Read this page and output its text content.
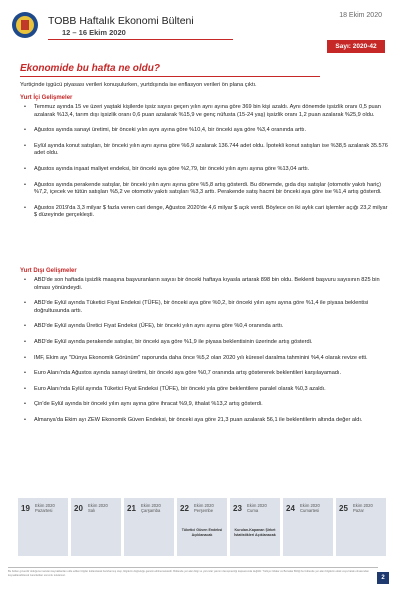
TOBB Haftalık Ekonomi Bülteni
12 – 16 Ekim 2020
18 Ekim 2020
Sayı: 2020-42
Ekonomide bu hafta ne oldu?
Yurtiçinde işgücü piyasası verileri konuşulurken, yurtdışında ise enflasyon verileri ön plana çıktı.
Yurt İçi Gelişmeler
• Temmuz ayında 15 ve üzeri yaştaki kişilerde işsiz sayısı geçen yılın aynı ayına göre 369 bin kişi azaldı. Aynı dönemde işsizlik oranı 0,5 puan azalarak %13,4, tarım dışı işsizlik oranı 0,6 puan azalarak %15,9 ve genç nüfusta (15-24 yaş) işsizlik oranı 1,2 puan azalarak %25,9 oldu.
• Ağustos ayında sanayi üretimi, bir önceki yılın aynı ayına göre %10,4, bir önceki aya göre %3,4 oranında arttı.
• Eylül ayında konut satışları, bir önceki yılın aynı ayına göre %6,9 azalarak 136.744 adet oldu. İpotekli konut satışları ise %38,5 azalarak 35.576 adet oldu.
• Ağustos ayında inşaat maliyet endeksi, bir önceki aya göre %2,79, bir önceki yılın aynı ayına göre %13,04 arttı.
• Ağustos ayında perakende satışlar, bir önceki yılın aynı ayına göre %5,8 artış gösterdi. Bu dönemde, gıda dışı satışlar (otomotiv yakıtı hariç) %7,2, içecek ve tütün satışları %5,2 ve otomotiv yakıtı satışları %3,3 arttı. Perakende satış hacmi bir önceki aya göre ise %1,4 artış gösterdi.
• Ağustos 2019'da 3,3 milyar $ fazla veren cari denge, Ağustos 2020'de 4,6 milyar $ açık verdi. Böylece on iki aylık cari işlemler açığı 23,2 milyar $ düzeyinde gerçekleşti.
Yurt Dışı Gelişmeler
• ABD'de son haftada işsizlik maaşına başvuranların sayısı bir önceki haftaya kıyasla artarak 898 bin oldu. Beklenti başvuru sayısının 825 bin olması yönündeydi.
• ABD'de Eylül ayında Tüketici Fiyat Endeksi (TÜFE), bir önceki aya göre %0,2, bir önceki yılın aynı ayına göre %1,4 ile piyasa beklentisi doğrultusunda arttı.
• ABD'de Eylül ayında Üretici Fiyat Endeksi (ÜFE), bir önceki yılın aynı ayına göre %0,4 oranında arttı.
• ABD'de Eylül ayında perakende satışlar, bir önceki aya göre %1,9 ile piyasa beklentisinin üzerinde artış gösterdi.
• IMF, Ekim ayı "Dünya Ekonomik Görünüm" raporunda daha önce %5,2 olan 2020 yılı küresel daralma tahminini %4,4 olarak revize etti.
• Euro Alanı'nda Ağustos ayında sanayi üretimi, bir önceki aya göre %0,7 oranında artış göstererek beklentileri karşılayamadı.
• Euro Alanı'nda Eylül ayında Tüketici Fiyat Endeksi (TÜFE), bir önceki yıla göre beklentilere paralel olarak %0,3 azaldı.
• Çin'de Eylül ayında bir önceki yılın aynı ayına göre ihracat %9,9, ithalat %13,2 artış gösterdi.
• Almanya'da Ekim ayı ZEW Ekonomik Güven Endeksi, bir önceki aya göre 21,3 puan azalarak 56,1 ile beklentilerin altında değer aldı.
19 Ekim 2020
Pazartesi	20 Ekim 2020
Salı	21 Ekim 2020
Çarşamba 22 Ekim 2020
Perşembe
Tüketici Güven Endeksi Açıklanacak
23 Ekim 2020
Cuma
Kurulan-Kapanan Şirket İstatistikleri Açıklanacak
24 Ekim 2020
Cumartesi 25 Ekim 2020
Pazar
Bu bülten güvenilir olduğuna inanılan kaynaklardan elde edilen bilgiler kullanılarak hazırlanmış olup, bilgilerin doğruluğu garanti edilmemektedir. Bültende yer alan bilgi ve yorumlar yatırım danışmanlığı kapsamında değildir. Türkiye Odalar ve Borsalar Birliği bu bültende yer alan bilgilerin eksik veya hatalı olmasından kaynaklanabilecek zararlardan sorumlu tutulamaz.	2
